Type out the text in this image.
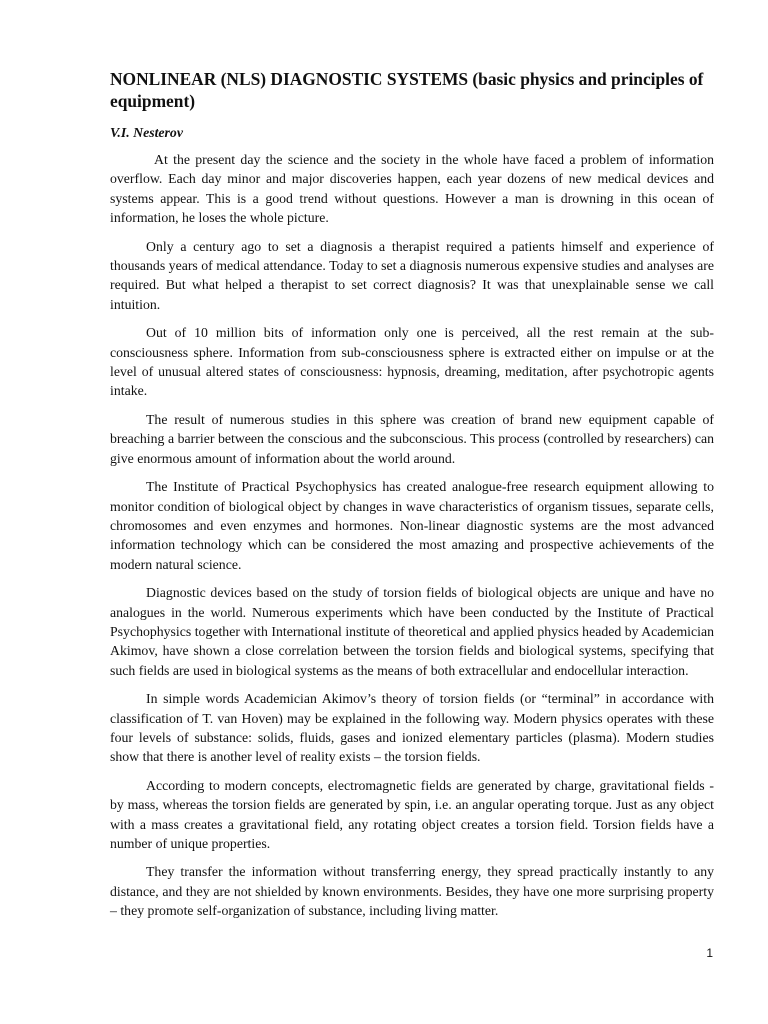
NONLINEAR (NLS) DIAGNOSTIC SYSTEMS (basic physics and principles of equipment)
V.I. Nesterov

At the present day the science and the society in the whole have faced a problem of information overflow. Each day minor and major discoveries happen, each year dozens of new medical devices and systems appear. This is a good trend without questions. However a man is drowning in this ocean of information, he loses the whole picture.

Only a century ago to set a diagnosis a therapist required a patients himself and experience of thousands years of medical attendance. Today to set a diagnosis numerous expensive studies and analyses are required. But what helped a therapist to set correct diagnosis? It was that unexplainable sense we call intuition.

Out of 10 million bits of information only one is perceived, all the rest remain at the sub-consciousness sphere. Information from sub-consciousness sphere is extracted either on impulse or at the level of unusual altered states of consciousness: hypnosis, dreaming, meditation, after psychotropic agents intake.

The result of numerous studies in this sphere was creation of brand new equipment capable of breaching a barrier between the conscious and the subconscious. This process (controlled by researchers) can give enormous amount of information about the world around.

The Institute of Practical Psychophysics has created analogue-free research equipment allowing to monitor condition of biological object by changes in wave characteristics of organism tissues, separate cells, chromosomes and even enzymes and hormones. Non-linear diagnostic systems are the most advanced information technology which can be considered the most amazing and prospective achievements of the modern natural science.

Diagnostic devices based on the study of torsion fields of biological objects are unique and have no analogues in the world. Numerous experiments which have been conducted by the Institute of Practical Psychophysics together with International institute of theoretical and applied physics headed by Academician Akimov, have shown a close correlation between the torsion fields and biological systems, specifying that such fields are used in biological systems as the means of both extracellular and endocellular interaction.

In simple words Academician Akimov’s theory of torsion fields (or “terminal” in accordance with classification of T. van Hoven) may be explained in the following way. Modern physics operates with these four levels of substance: solids, fluids, gases and ionized elementary particles (plasma). Modern studies show that there is another level of reality exists – the torsion fields.

According to modern concepts, electromagnetic fields are generated by charge, gravitational fields - by mass, whereas the torsion fields are generated by spin, i.e. an angular operating torque. Just as any object with a mass creates a gravitational field, any rotating object creates a torsion field. Torsion fields have a number of unique properties.

They transfer the information without transferring energy, they spread practically instantly to any distance, and they are not shielded by known environments. Besides, they have one more surprising property – they promote self-organization of substance, including living matter.

1
